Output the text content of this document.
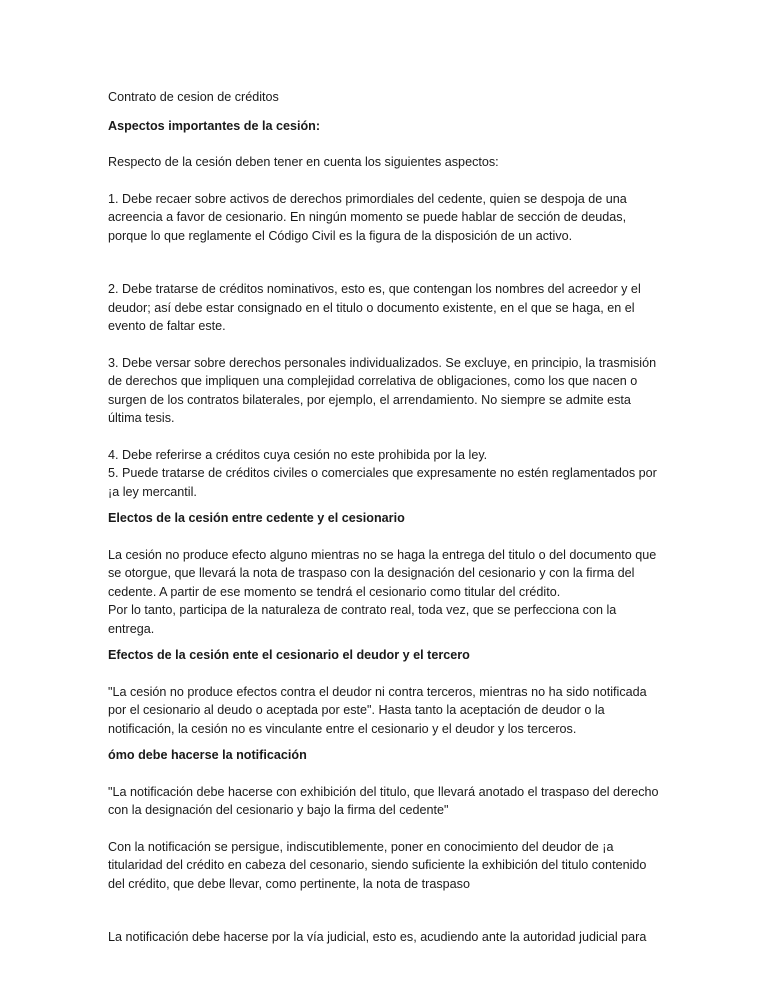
Contrato de cesion de créditos

Aspectos importantes de la cesión:

Respecto de la cesión deben tener en cuenta los siguientes aspectos:

1. Debe recaer sobre activos de derechos primordiales del cedente, quien se despoja de una acreencia a favor de cesionario. En ningún momento se puede hablar de sección de deudas, porque lo que reglamente el Código Civil es la figura de la disposición de un activo.

2. Debe tratarse de créditos nominativos, esto es, que contengan los nombres del acreedor y el deudor; así debe estar consignado en el titulo o documento existente, en el que se haga, en el evento de faltar este.

3. Debe versar sobre derechos personales individualizados. Se excluye, en principio, la trasmisión de derechos que impliquen una complejidad correlativa de obligaciones, como los que nacen o surgen de los contratos bilaterales, por ejemplo, el arrendamiento. No siempre se admite esta última tesis.

4. Debe referirse a créditos cuya cesión no este prohibida por la ley.

5. Puede tratarse de créditos civiles o comerciales que expresamente no estén reglamentados por ¡a ley mercantil.

Electos de la cesión entre cedente y el cesionario

La cesión no produce efecto alguno mientras no se haga la entrega del titulo o del documento que se otorgue, que llevará la nota de traspaso con la designación del cesionario y con la firma del cedente. A partir de ese momento se tendrá el cesionario como titular del crédito.

Por lo tanto, participa de la naturaleza de contrato real, toda vez, que se perfecciona con la entrega.

Efectos de la cesión ente el cesionario el deudor y el tercero

"La cesión no produce efectos contra el deudor ni contra terceros, mientras no ha sido notificada por el cesionario al deudo o aceptada por este". Hasta tanto la aceptación de deudor o la notificación, la cesión no es vinculante entre el cesionario y el deudor y los terceros.

ómo debe hacerse la notificación

"La notificación debe hacerse con exhibición del titulo, que llevará anotado el traspaso del derecho con la designación del cesionario y bajo la firma del cedente"

Con la notificación se persigue, indiscutiblemente, poner en conocimiento del deudor de ¡a titularidad del crédito en cabeza del cesonario, siendo suficiente la exhibición del titulo contenido del crédito, que debe llevar, como pertinente, la nota de traspaso

La notificación debe hacerse por la vía judicial, esto es, acudiendo ante la autoridad judicial para
